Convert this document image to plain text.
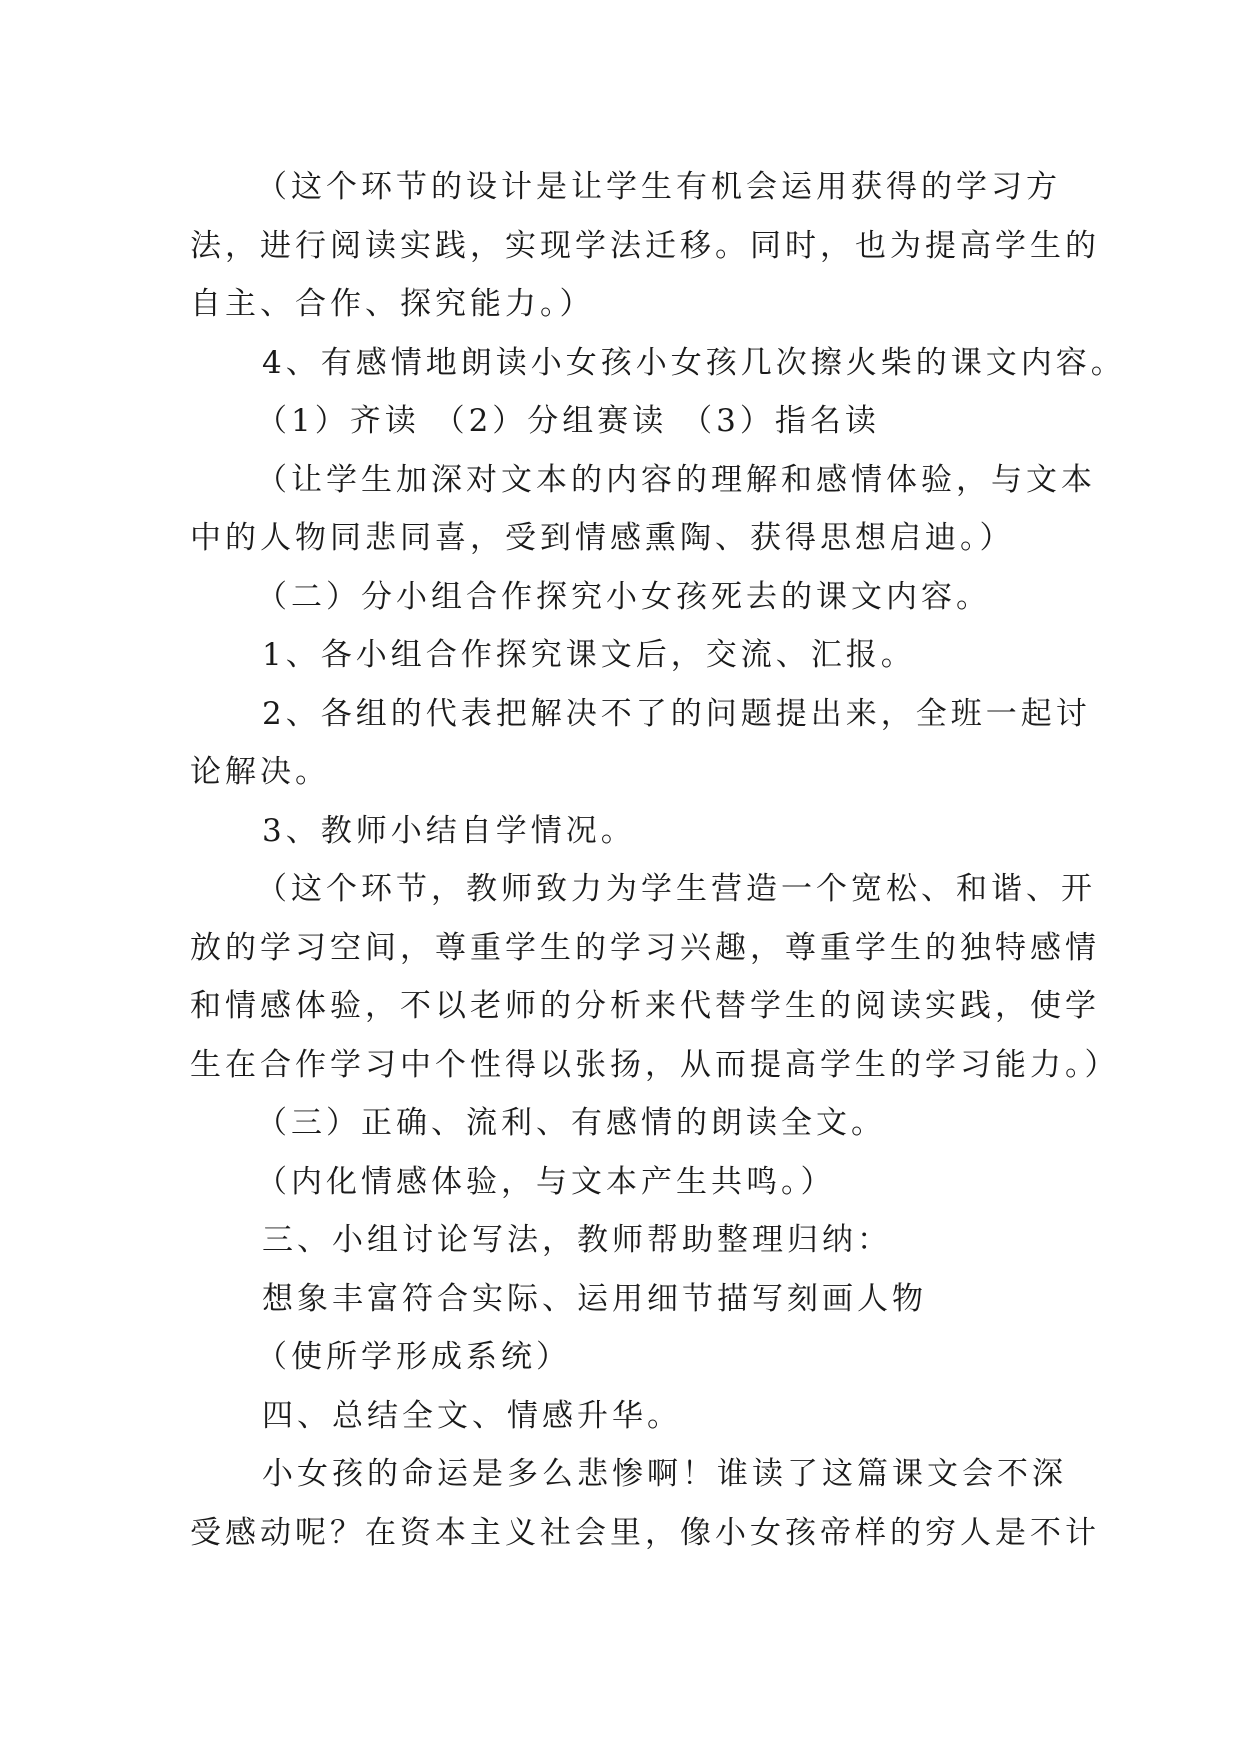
（这个环节的设计是让学生有机会运用获得的学习方
法，进行阅读实践，实现学法迁移。同时，也为提高学生的
自主、合作、探究能力。）
4、有感情地朗读小女孩小女孩几次擦火柴的课文内容。
（1）齐读 （2）分组赛读 （3）指名读
（让学生加深对文本的内容的理解和感情体验，与文本
中的人物同悲同喜，受到情感熏陶、获得思想启迪。）
（二）分小组合作探究小女孩死去的课文内容。
1、各小组合作探究课文后，交流、汇报。
2、各组的代表把解决不了的问题提出来，全班一起讨
论解决。
3、教师小结自学情况。
（这个环节，教师致力为学生营造一个宽松、和谐、开
放的学习空间，尊重学生的学习兴趣，尊重学生的独特感情
和情感体验，不以老师的分析来代替学生的阅读实践，使学
生在合作学习中个性得以张扬，从而提高学生的学习能力。）
（三）正确、流利、有感情的朗读全文。
（内化情感体验，与文本产生共鸣。）
三、小组讨论写法，教师帮助整理归纳：
想象丰富符合实际、运用细节描写刻画人物
（使所学形成系统）
四、总结全文、情感升华。
小女孩的命运是多么悲惨啊！谁读了这篇课文会不深
受感动呢？在资本主义社会里，像小女孩帝样的穷人是不计
